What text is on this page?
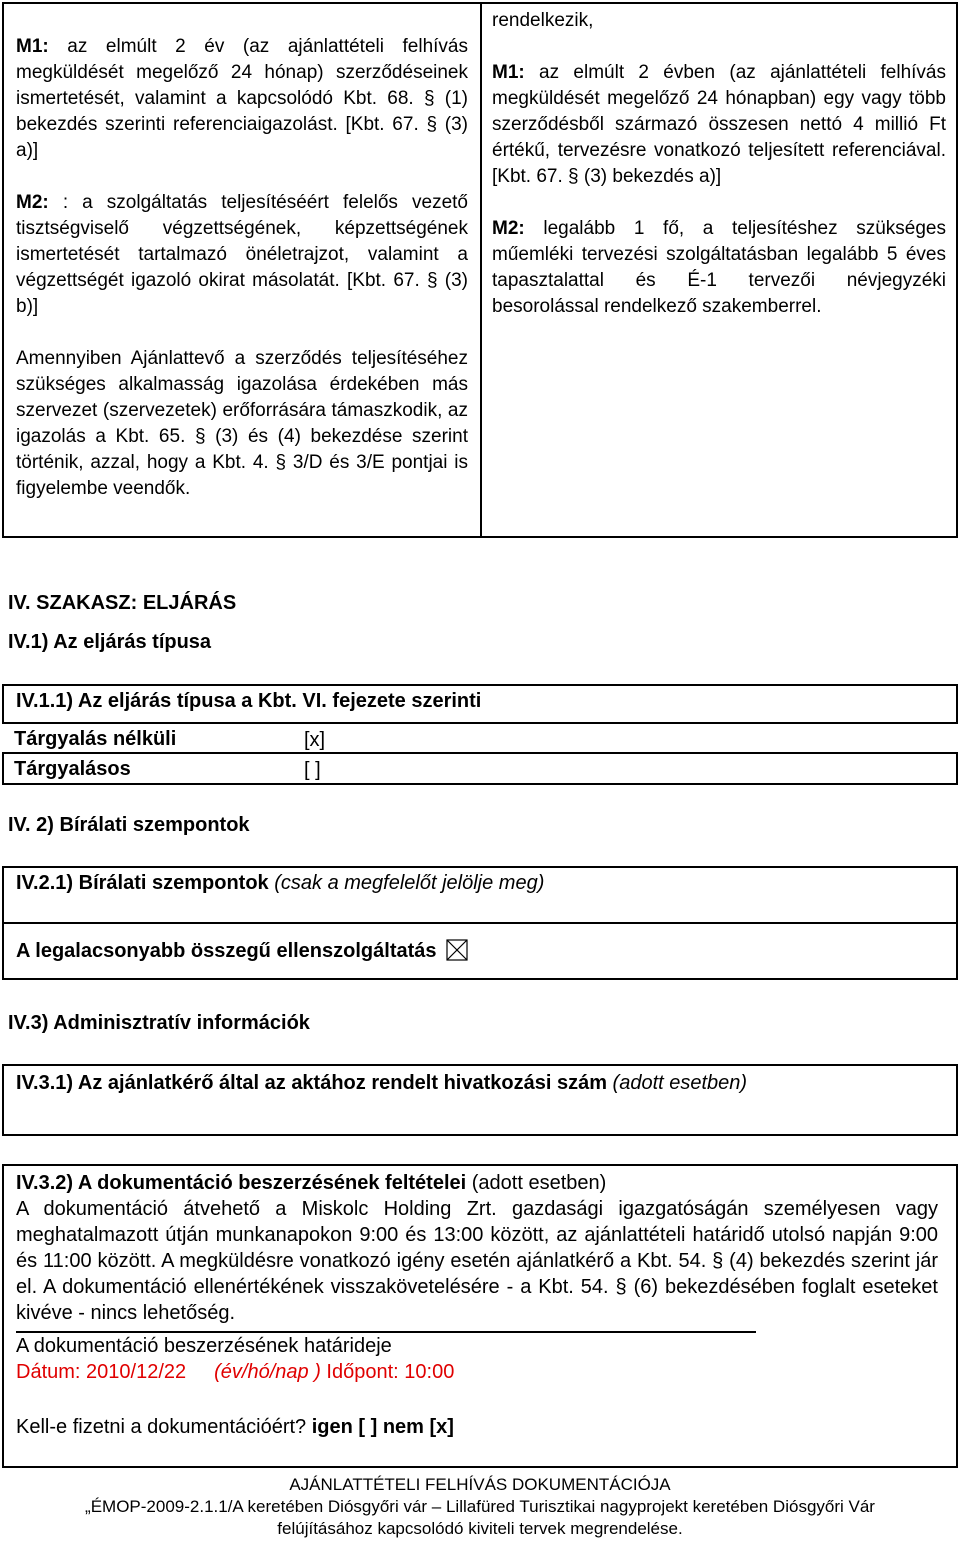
M1: az elmúlt 2 év (az ajánlattételi felhívás megküldését megelőző 24 hónap) szerződéseinek ismertetését, valamint a kapcsolódó Kbt. 68. § (1) bekezdés szerinti referenciaigazolást. [Kbt. 67. § (3) a)]

M2: : a szolgáltatás teljesítéséért felelős vezető tisztségviselő végzettségének, képzettségének ismertetését tartalmazó önéletrajzot, valamint a végzettségét igazoló okirat másolatát. [Kbt. 67. § (3) b)]

Amennyiben Ajánlattevő a szerződés teljesítéséhez szükséges alkalmasság igazolása érdekében más szervezet (szervezetek) erőforrására támaszkodik, az igazolás a Kbt. 65. § (3) és (4) bekezdése szerint történik, azzal, hogy a Kbt. 4. § 3/D és 3/E pontjai is figyelembe veendők.

rendelkezik,

M1: az elmúlt 2 évben (az ajánlattételi felhívás megküldését megelőző 24 hónapban) egy vagy több szerződésből származó összesen nettó 4 millió Ft értékű, tervezésre vonatkozó teljesített referenciával. [Kbt. 67. § (3) bekezdés a)]

M2: legalább 1 fő, a teljesítéshez szükséges műemléki tervezési szolgáltatásban legalább 5 éves tapasztalattal és É-1 tervezői névjegyzéki besorolással rendelkező szakemberrel.

IV. SZAKASZ: ELJÁRÁS
IV.1) Az eljárás típusa
IV.1.1) Az eljárás típusa a Kbt. VI. fejezete szerinti
Tárgyalás nélküli	[x]
Tárgyalásos	[ ]
IV. 2) Bírálati szempontok
IV.2.1) Bírálati szempontok (csak a megfelelőt jelölje meg)
A legalacsonyabb összegű ellenszolgáltatás
IV.3) Adminisztratív információk
IV.3.1) Az ajánlatkérő által az aktához rendelt hivatkozási szám (adott esetben)
IV.3.2) A dokumentáció beszerzésének feltételei (adott esetben)

A dokumentáció átvehető a Miskolc Holding Zrt. gazdasági igazgatóságán személyesen vagy meghatalmazott útján munkanapokon 9:00 és 13:00 között, az ajánlattételi határidő utolsó napján 9:00 és 11:00 között. A megküldésre vonatkozó igény esetén ajánlatkérő a Kbt. 54. § (4) bekezdés szerint jár el. A dokumentáció ellenértékének visszakövetelésére - a Kbt. 54. § (6) bekezdésében foglalt eseteket kivéve - nincs lehetőség.

A dokumentáció beszerzésének határideje
Dátum: 2010/12/22 (év/hó/nap ) Időpont: 10:00
Kell-e fizetni a dokumentációért? igen [ ] nem [x]
AJÁNLATTÉTELI FELHÍVÁS DOKUMENTÁCIÓJA
„ÉMOP-2009-2.1.1/A keretében Diósgyőri vár – Lillafüred Turisztikai nagyprojekt keretében Diósgyőri Vár
felújításához kapcsolódó kiviteli tervek megrendelése.
